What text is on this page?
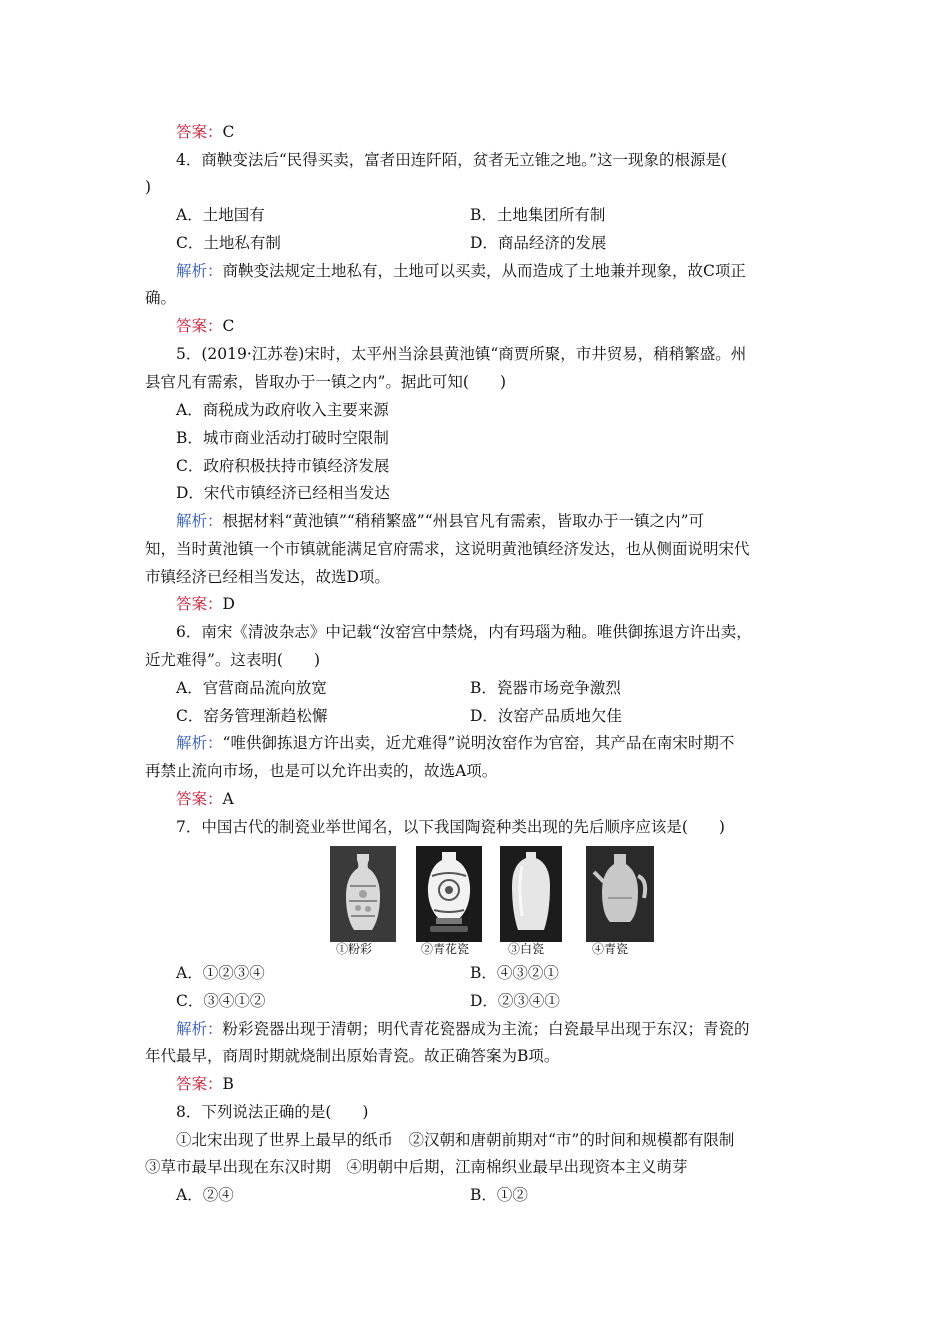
答案：C
4．商鞅变法后“民得买卖，富者田连阡陌，贫者无立锥之地。”这一现象的根源是(
)
A．土地国有	B．土地集团所有制
C．土地私有制	D．商品经济的发展
解析：商鞅变法规定土地私有，土地可以买卖，从而造成了土地兼并现象，故C项正
确。
答案：C
5．(2019·江苏卷)宋时，太平州当涂县黄池镇“商贾所聚，市井贸易，稍稍繁盛。州
县官凡有需索，皆取办于一镇之内”。据此可知(　　)
A．商税成为政府收入主要来源
B．城市商业活动打破时空限制
C．政府积极扶持市镇经济发展
D．宋代市镇经济已经相当发达
解析：根据材料“黄池镇”“稍稍繁盛”“州县官凡有需索，皆取办于一镇之内”可
知，当时黄池镇一个市镇就能满足官府需求，这说明黄池镇经济发达，也从侧面说明宋代
市镇经济已经相当发达，故选D项。
答案：D
6．南宋《清波杂志》中记载“汝窑宫中禁烧，内有玛瑙为釉。唯供御拣退方许出卖，
近尤难得”。这表明(　　)
A．官营商品流向放宽	B．瓷器市场竞争激烈
C．窑务管理渐趋松懈	D．汝窑产品质地欠佳
解析：“唯供御拣退方许出卖，近尤难得”说明汝窑作为官窑，其产品在南宋时期不
再禁止流向市场，也是可以允许出卖的，故选A项。
答案：A
7．中国古代的制瓷业举世闻名，以下我国陶瓷种类出现的先后顺序应该是(　　)
①粉彩	②青花瓷	③白瓷	④青瓷
A．①②③④	B．④③②①
C．③④①②	D．②③④①
解析：粉彩瓷器出现于清朝；明代青花瓷器成为主流；白瓷最早出现于东汉；青瓷的
年代最早，商周时期就烧制出原始青瓷。故正确答案为B项。
答案：B
8．下列说法正确的是(　　)
①北宋出现了世界上最早的纸币　②汉朝和唐朝前期对“市”的时间和规模都有限制
③草市最早出现在东汉时期　④明朝中后期，江南棉织业最早出现资本主义萌芽
A．②④	B．①②
